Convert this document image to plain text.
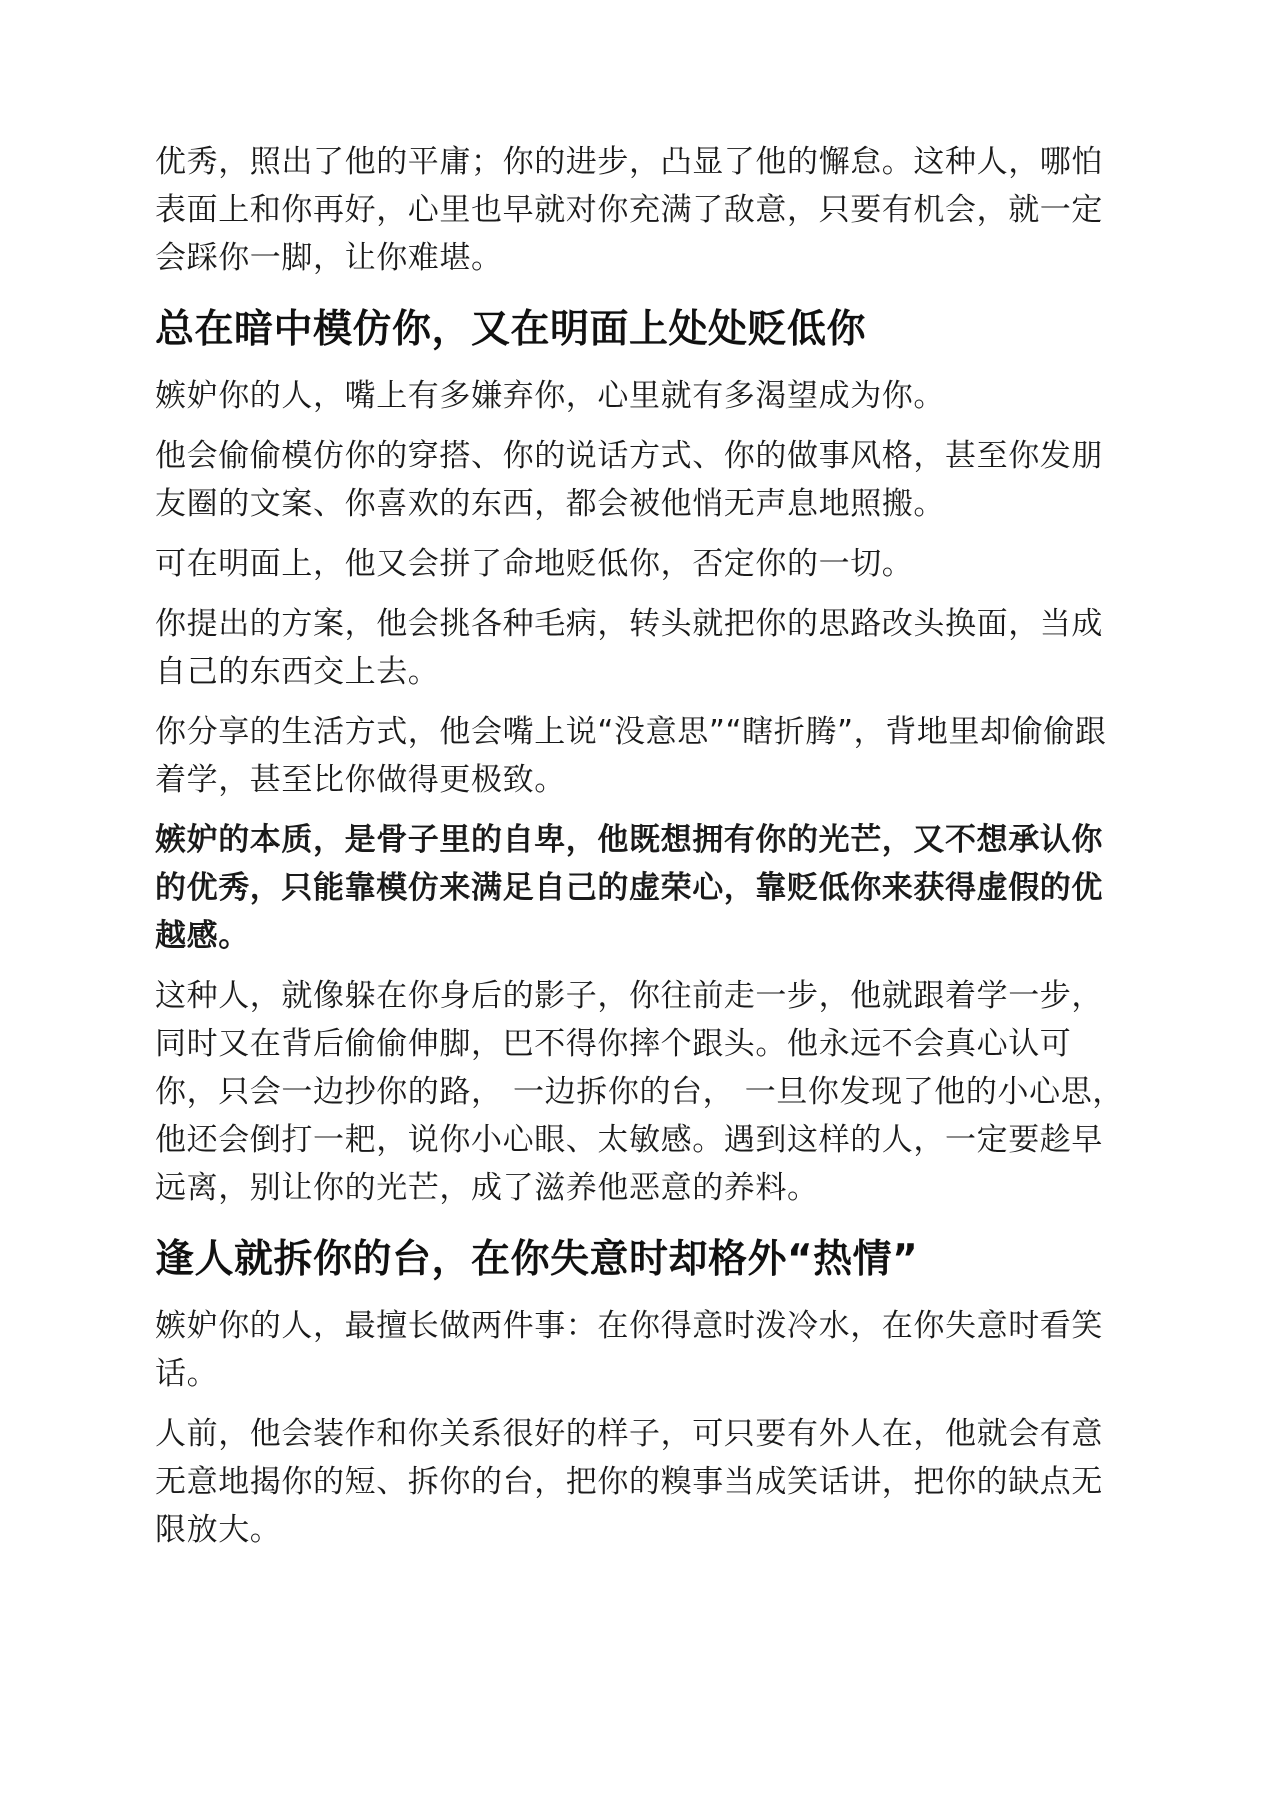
优秀，照出了他的平庸；你的进步，凸显了他的懈怠。这种人，哪怕表面上和你再好，心里也早就对你充满了敌意，只要有机会，就一定会踩你一脚，让你难堪。

总在暗中模仿你，又在明面上处处贬低你

嫉妒你的人，嘴上有多嫌弃你，心里就有多渴望成为你。

他会偷偷模仿你的穿搭、你的说话方式、你的做事风格，甚至你发朋友圈的文案、你喜欢的东西，都会被他悄无声息地照搬。

可在明面上，他又会拼了命地贬低你，否定你的一切。

你提出的方案，他会挑各种毛病，转头就把你的思路改头换面，当成自己的东西交上去。

你分享的生活方式，他会嘴上说“没意思”“瞎折腾”，背地里却偷偷跟着学，甚至比你做得更极致。

嫉妒的本质，是骨子里的自卑，他既想拥有你的光芒，又不想承认你的优秀，只能靠模仿来满足自己的虚荣心，靠贬低你来获得虚假的优越感。

这种人，就像躲在你身后的影子，你往前走一步，他就跟着学一步，同时又在背后偷偷伸脚，巴不得你摔个跟头。他永远不会真心认可你，只会一边抄你的路， 一边拆你的台， 一旦你发现了他的小心思，他还会倒打一耙，说你小心眼、太敏感。遇到这样的人，一定要趁早远离，别让你的光芒，成了滋养他恶意的养料。

逢人就拆你的台，在你失意时却格外“热情”

嫉妒你的人，最擅长做两件事：在你得意时泼冷水，在你失意时看笑话。

人前，他会装作和你关系很好的样子，可只要有外人在，他就会有意无意地揭你的短、拆你的台，把你的糗事当成笑话讲，把你的缺点无限放大。
